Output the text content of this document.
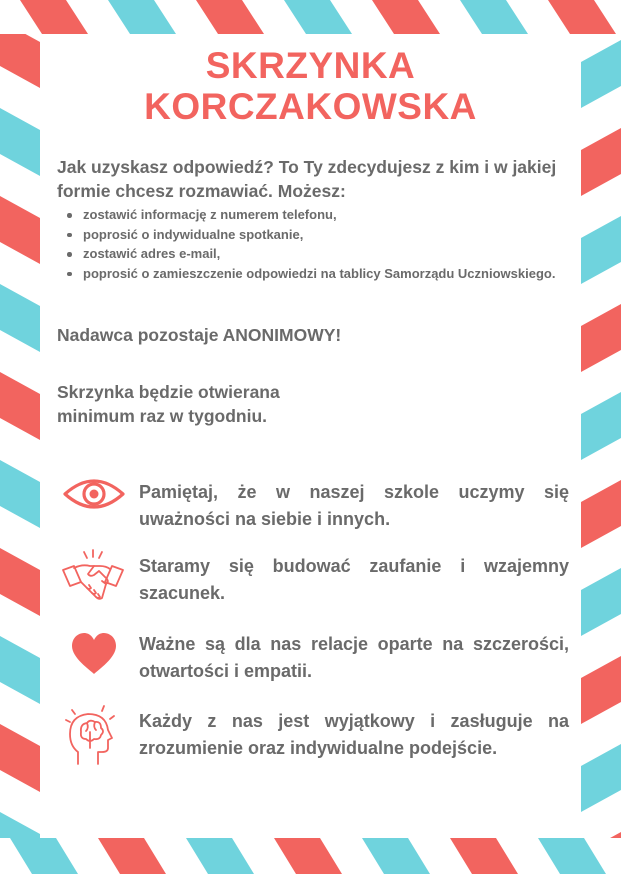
SKRZYNKA
KORCZAKOWSKA
Jak uzyskasz odpowiedź? To Ty zdecydujesz z kim i w jakiej formie chcesz rozmawiać. Możesz:
zostawić informację z numerem telefonu,
poprosić o indywidualne spotkanie,
zostawić adres e-mail,
poprosić o zamieszczenie odpowiedzi na tablicy Samorządu Uczniowskiego.
Nadawca pozostaje ANONIMOWY!
Skrzynka będzie otwierana minimum raz w tygodniu.
Pamiętaj, że w naszej szkole uczymy się uważności na siebie i innych.
Staramy się budować zaufanie i wzajemny szacunek.
Ważne są dla nas relacje oparte na szczerości, otwartości i empatii.
Każdy z nas jest wyjątkowy i zasługuje na zrozumienie oraz indywidualne podejście.
